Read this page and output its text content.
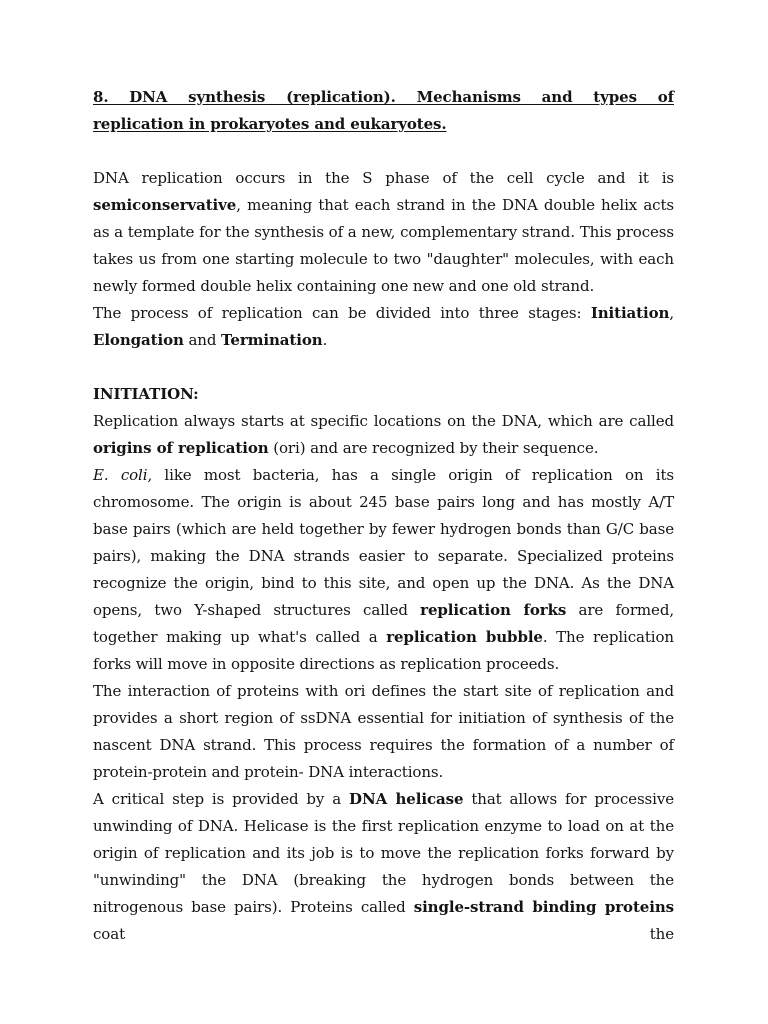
8. DNA synthesis (replication). Mechanisms and types of
replication in prokaryotes and eukaryotes.

DNA replication occurs in the S phase of the cell cycle and it is semiconservative, meaning that each strand in the DNA double helix acts as a template for the synthesis of a new, complementary strand. This process takes us from one starting molecule to two "daughter" molecules, with each newly formed double helix containing one new and one old strand.

The process of replication can be divided into three stages: Initiation, Elongation and Termination.

INITIATION:

Replication always starts at specific locations on the DNA, which are called origins of replication (ori) and are recognized by their sequence.

E. coli, like most bacteria, has a single origin of replication on its chromosome. The origin is about 245 base pairs long and has mostly A/T base pairs (which are held together by fewer hydrogen bonds than G/C base pairs), making the DNA strands easier to separate. Specialized proteins recognize the origin, bind to this site, and open up the DNA. As the DNA opens, two Y-shaped structures called replication forks are formed, together making up what's called a replication bubble. The replication forks will move in opposite directions as replication proceeds.

The interaction of proteins with ori defines the start site of replication and provides a short region of ssDNA essential for initiation of synthesis of the nascent DNA strand. This process requires the formation of a number of protein-protein and protein- DNA interactions.

A critical step is provided by a DNA helicase that allows for processive unwinding of DNA. Helicase is the first replication enzyme to load on at the origin of replication and its job is to move the replication forks forward by "unwinding" the DNA (breaking the hydrogen bonds between the nitrogenous base pairs). Proteins called single-strand binding proteins coat the
